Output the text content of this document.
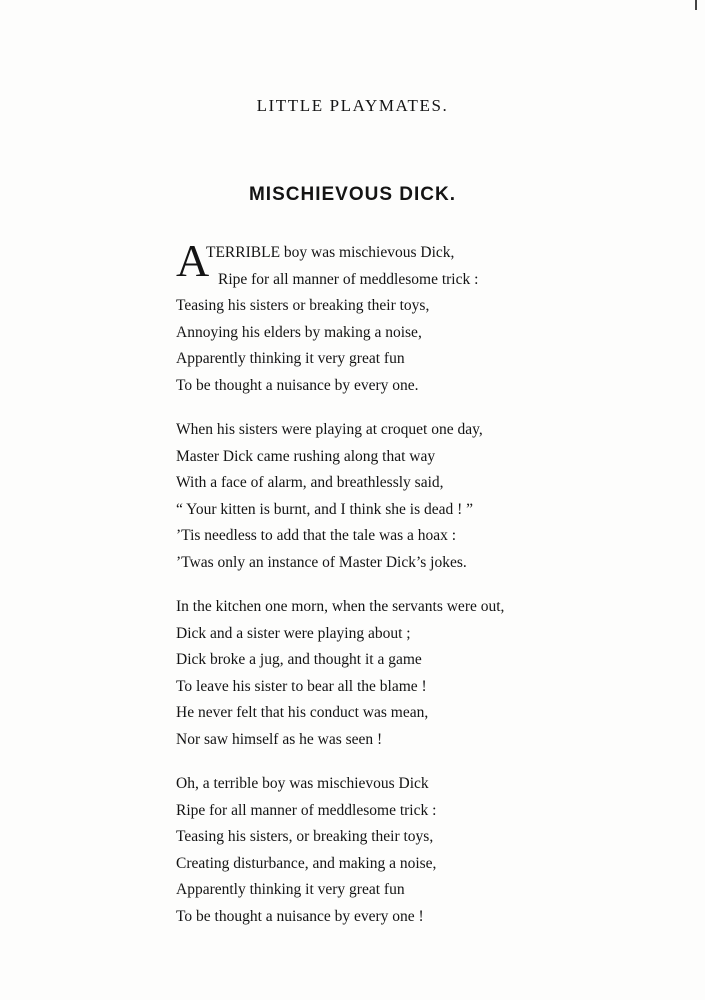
LITTLE PLAYMATES.
MISCHIEVOUS DICK.
A
TERRIBLE boy was mischievous Dick,
Ripe for all manner of meddlesome trick :
Teasing his sisters or breaking their toys,
Annoying his elders by making a noise,
Apparently thinking it very great fun
To be thought a nuisance by every one.
When his sisters were playing at croquet one day,
Master Dick came rushing along that way
With a face of alarm, and breathlessly said,
“ Your kitten is burnt, and I think she is dead ! ”
’Tis needless to add that the tale was a hoax :
’Twas only an instance of Master Dick’s jokes.
In the kitchen one morn, when the servants were out,
Dick and a sister were playing about ;
Dick broke a jug, and thought it a game
To leave his sister to bear all the blame !
He never felt that his conduct was mean,
Nor saw himself as he was seen !
Oh, a terrible boy was mischievous Dick
Ripe for all manner of meddlesome trick :
Teasing his sisters, or breaking their toys,
Creating disturbance, and making a noise,
Apparently thinking it very great fun
To be thought a nuisance by every one !
